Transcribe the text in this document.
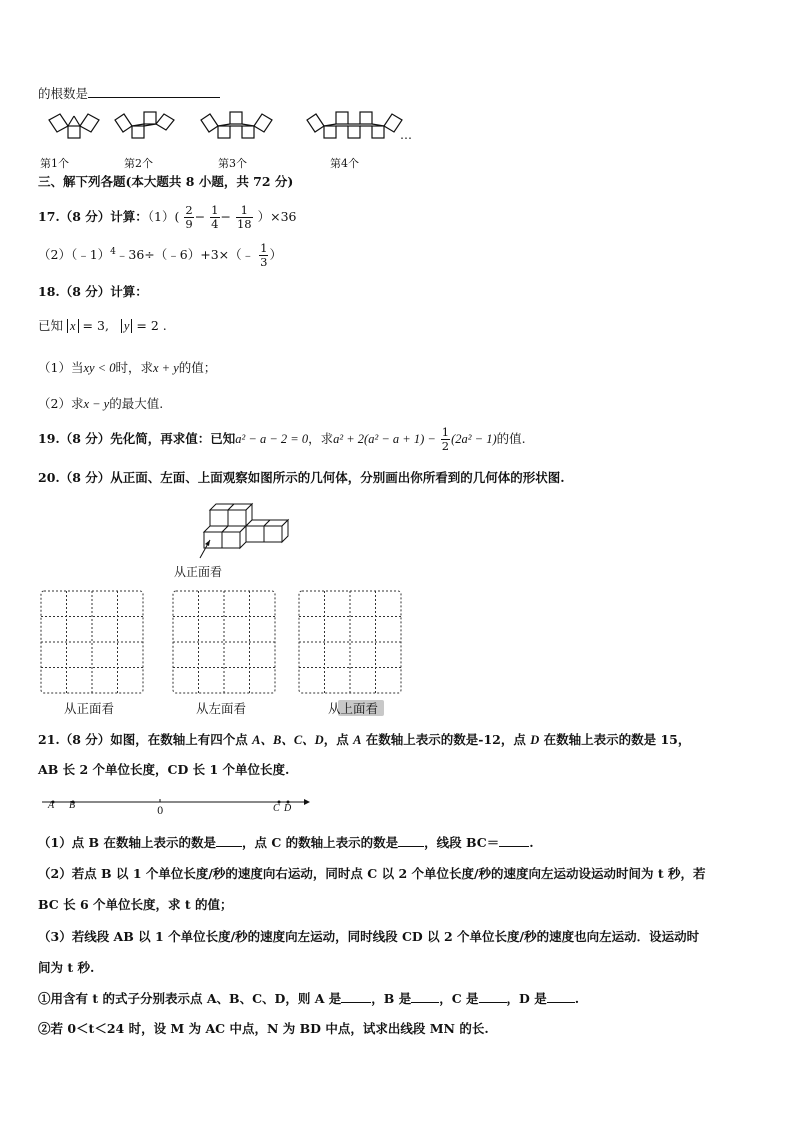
的根数是
…
第1个	第2个	第3个	第4个
三、解下列各题(本大题共 8 小题，共 72 分)
17.（8 分）计算：$(1)( \frac{2}{9} - \frac{1}{4} - \frac{1}{18} )\times 36$
（2）（﹣1）$^4$﹣36÷（﹣6）+3×（﹣ $\frac{1}{3}$ ）
18.（8 分）计算：
已知 x = 3, y = 2 .
（1）当xy < 0时，求x + y的值；
（2）求x − y的最大值.
19.（8 分）先化简，再求值：已知a² − a − 2 = 0，求$a^2 + 2(a^2 - a + 1) - \frac{1}{2} (2a^2 - 1)$的值.
20.（8 分）从正面、左面、上面观察如图所示的几何体，分别画出你所看到的几何体的形状图.
从正面看
从正面看	从左面看	从上面看
21.（8 分）如图，在数轴上有四个点 A、B、C、D，点 A 在数轴上表示的数是-12，点 D 在数轴上表示的数是 15，
AB 长 2 个单位长度，CD 长 1 个单位长度.
A B
0	C D
（1）点 B 在数轴上表示的数是 ，点 C 的数轴上表示的数是 ，线段 BC＝ .
（2）若点 B 以 1 个单位长度/秒的速度向右运动，同时点 C 以 2 个单位长度/秒的速度向左运动设运动时间为 t 秒，若
BC 长 6 个单位长度，求 t 的值；
（3）若线段 AB 以 1 个单位长度/秒的速度向左运动，同时线段 CD 以 2 个单位长度/秒的速度也向左运动．设运动时
间为 t 秒.
①用含有 t 的式子分别表示点 A、B、C、D，则 A 是 ，B 是 ，C 是 ，D 是 .
②若 0＜t＜24 时，设 M 为 AC 中点，N 为 BD 中点，试求出线段 MN 的长.
